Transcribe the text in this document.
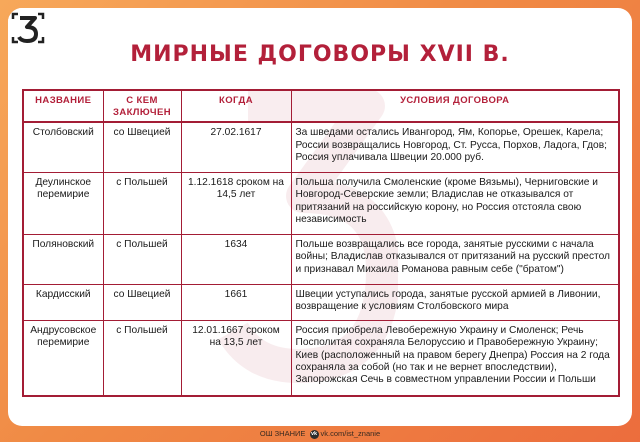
МИРНЫЕ ДОГОВОРЫ XVII В.
НАЗВАНИЕ	С КЕМ ЗАКЛЮЧЕН	КОГДА	УСЛОВИЯ ДОГОВОРА
Столбовский	со Швецией	27.02.1617	За шведами остались Ивангород, Ям, Копорье, Орешек, Карела; России возвращались Новгород, Ст. Русса, Порхов, Ладога, Гдов; Россия уплачивала Швеции 20.000 руб.
Деулинское перемирие	с Польшей	1.12.1618 сроком на 14,5 лет	Польша получила Смоленские (кроме Вязьмы), Черниговские и Новгород-Северские земли; Владислав не отказывался от притязаний на российскую корону, но Россия отстояла свою независимость
Поляновский	с Польшей	1634	Польше возвращались все города, занятые русскими с начала войны; Владислав отказывался от притязаний на русский престол и признавал Михаила Романова равным себе ("братом")
Кардисский	со Швецией	1661	Швеции уступались города, занятые русской армией в Ливонии, возвращение к условиям Столбовского мира
Андрусовское перемирие	с Польшей	12.01.1667 сроком на 13,5 лет	Россия приобрела Левобережную Украину и Смоленск; Речь Посполитая сохраняла Белоруссию и Правобережную Украину; Киев (расположенный на правом берегу Днепра) Россия на 2 года сохраняла за собой (но так и не вернет впоследствии), Запорожская Сечь в совместном управлении России и Польши
ОШ ЗНАНИЕ vk vk.com/ist_znanie
